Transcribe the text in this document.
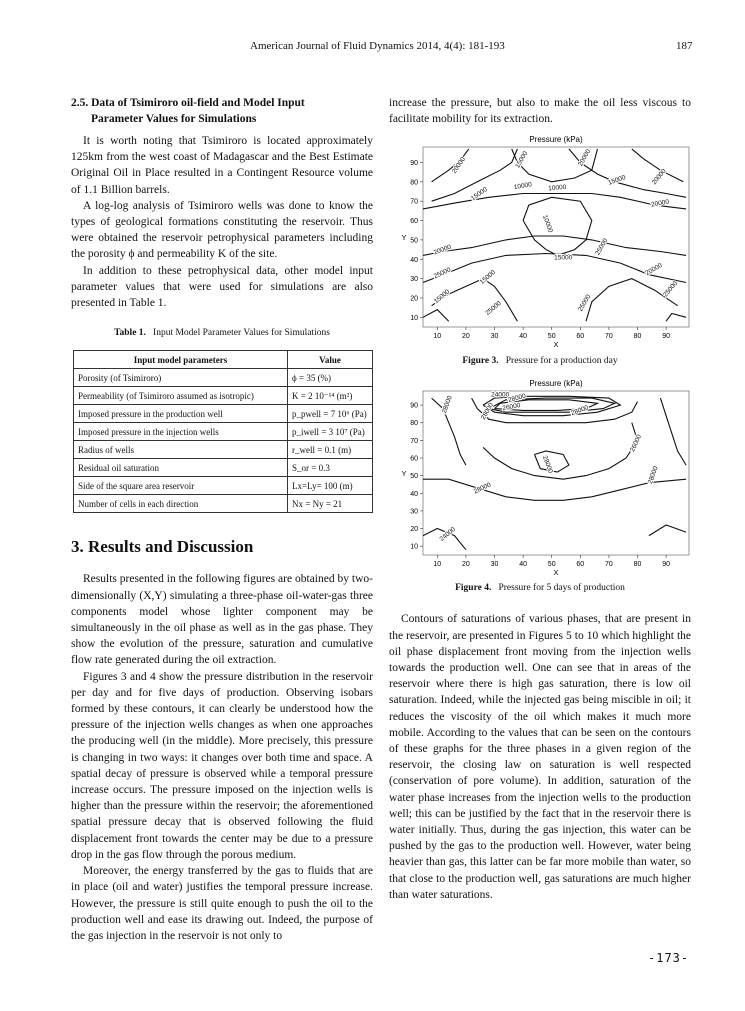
American Journal of Fluid Dynamics 2014, 4(4): 181-193	187
2.5. Data of Tsimiroro oil-field and Model Input
Parameter Values for Simulations

It is worth noting that Tsimiroro is located approximately 125km from the west coast of Madagascar and the Best Estimate Original Oil in Place resulted in a Contingent Resource volume of 1.1 Billion barrels.

A log-log analysis of Tsimiroro wells was done to know the types of geological formations constituting the reservoir. Thus were obtained the reservoir petrophysical parameters including the porosity ϕ and permeability K of the site.

In addition to these petrophysical data, other model input parameter values that were used for simulations are also presented in Table 1.

Table 1. Input Model Parameter Values for Simulations
Input model parameters	Value
Porosity (of Tsimiroro)	ϕ = 35 (%)
Permeability (of Tsimiroro assumed as isotropic)	K = 2 10⁻¹⁴ (m²)
Imposed pressure in the production well	p_pwell = 7 10⁶ (Pa)
Imposed pressure in the injection wells	p_iwell = 3 10⁷ (Pa)
Radius of wells	r_well = 0.1 (m)
Residual oil saturation	S_or = 0.3
Side of the square area reservoir	Lx=Ly= 100 (m)
Number of cells in each direction	Nx = Ny = 21
3. Results and Discussion

Results presented in the following figures are obtained by two-dimensionally (X,Y) simulating a three-phase oil-water-gas three components model whose lighter component may be simultaneously in the oil phase as well as in the gas phase. They show the evolution of the pressure, saturation and cumulative flow rate generated during the oil extraction.

Figures 3 and 4 show the pressure distribution in the reservoir per day and for five days of production. Observing isobars formed by these contours, it can clearly be understood how the pressure of the injection wells changes as when one approaches the producing well (in the middle). More precisely, this pressure is changing in two ways: it changes over both time and space. A spatial decay of pressure is observed while a temporal pressure increase occurs. The pressure imposed on the injection wells is higher than the pressure within the reservoir; the aforementioned spatial pressure decay that is observed following the fluid displacement front towards the center may be due to a pressure drop in the gas flow through the porous medium.

Moreover, the energy transferred by the gas to fluids that are in place (oil and water) justifies the temporal pressure increase. However, the pressure is still quite enough to push the oil to the production well and ease its drawing out. Indeed, the purpose of the gas injection in the reservoir is not only to

increase the pressure, but also to make the oil less viscous to facilitate mobility for its extraction.

Pressure (kPa)
10	20	30	40	50	60	70	80	90
10
20
30
40
50
60
70
80
90
X
Y
20000
15000	10000
15000	20000
15000
10000
10000
15000
20000
25000
20000
25000
15000
20000
25000
25000
15000
20000
25000
Figure 3. Pressure for a production day
Pressure (kPa)
10	20	30	40	50	60	70	80	90
10
20
30
40
50
60
70
80
90
X
Y
28000	26000
24000
28000
28000	28000
26000
28000
28000
28000
24000
Figure 4. Pressure for 5 days of production

Contours of saturations of various phases, that are present in the reservoir, are presented in Figures 5 to 10 which highlight the oil phase displacement front moving from the injection wells towards the production well. One can see that in areas of the reservoir where there is high gas saturation, there is low oil saturation. Indeed, while the injected gas being miscible in oil; it reduces the viscosity of the oil which makes it much more mobile. According to the values that can be seen on the contours of these graphs for the three phases in a given region of the reservoir, the closing law on saturation is well respected (conservation of pore volume). In addition, saturation of the water phase increases from the injection wells to the production well; this can be justified by the fact that in the reservoir there is water initially. Thus, during the gas injection, this water can be pushed by the gas to the production well. However, water being heavier than gas, this latter can be far more mobile than water, so that close to the production well, gas saturations are much higher than water saturations.

-173-
